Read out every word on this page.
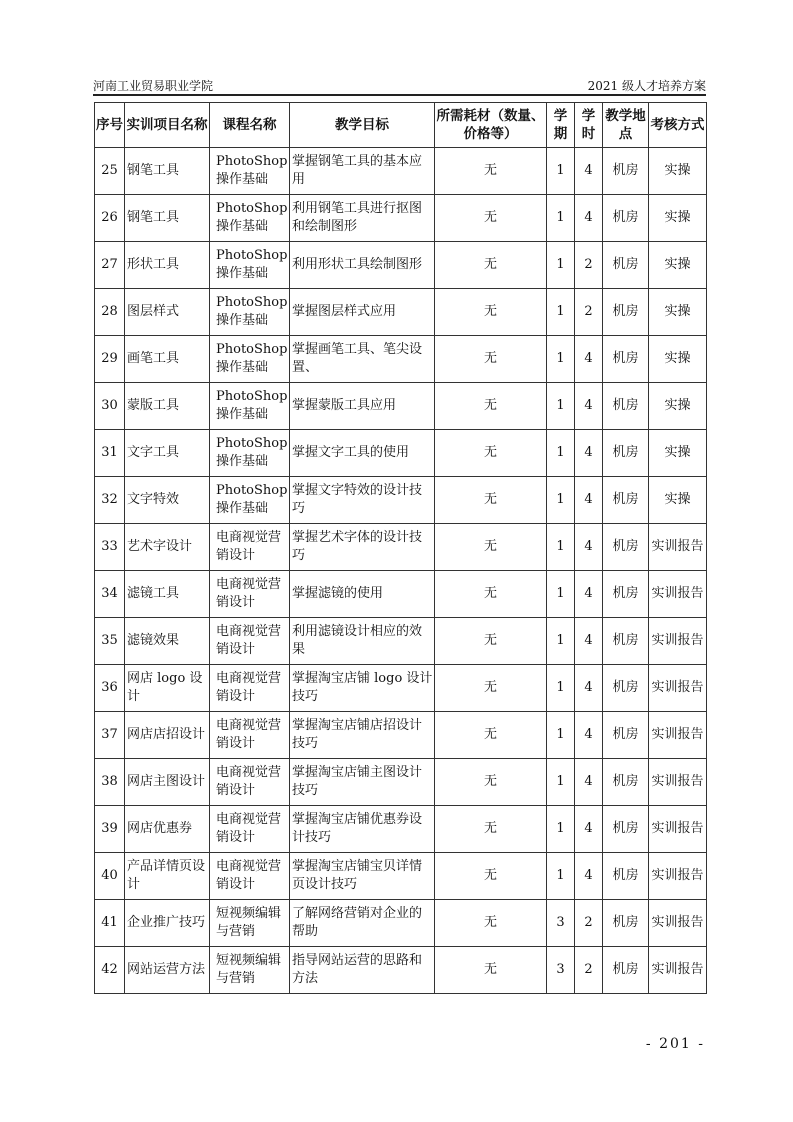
河南工业贸易职业学院	2021 级人才培养方案
序号	实训项目名称	课程名称	教学目标	所需耗材（数量、价格等）	学期	学时	教学地点	考核方式
25	钢笔工具	PhotoShop操作基础	掌握钢笔工具的基本应用	无	1	4	机房	实操
26	钢笔工具	PhotoShop操作基础	利用钢笔工具进行抠图和绘制图形	无	1	4	机房	实操
27	形状工具	PhotoShop操作基础	利用形状工具绘制图形	无	1	2	机房	实操
28	图层样式	PhotoShop操作基础	掌握图层样式应用	无	1	2	机房	实操
29	画笔工具	PhotoShop操作基础	掌握画笔工具、笔尖设置、	无	1	4	机房	实操
30	蒙版工具	PhotoShop操作基础	掌握蒙版工具应用	无	1	4	机房	实操
31	文字工具	PhotoShop操作基础	掌握文字工具的使用	无	1	4	机房	实操
32	文字特效	PhotoShop操作基础	掌握文字特效的设计技巧	无	1	4	机房	实操
33	艺术字设计	电商视觉营销设计	掌握艺术字体的设计技巧	无	1	4	机房	实训报告
34	滤镜工具	电商视觉营销设计	掌握滤镜的使用	无	1	4	机房	实训报告
35	滤镜效果	电商视觉营销设计	利用滤镜设计相应的效果	无	1	4	机房	实训报告
36	网店 logo 设计	电商视觉营销设计	掌握淘宝店铺 logo 设计技巧	无	1	4	机房	实训报告
37	网店店招设计	电商视觉营销设计	掌握淘宝店铺店招设计技巧	无	1	4	机房	实训报告
38	网店主图设计	电商视觉营销设计	掌握淘宝店铺主图设计技巧	无	1	4	机房	实训报告
39	网店优惠券	电商视觉营销设计	掌握淘宝店铺优惠券设计技巧	无	1	4	机房	实训报告
40	产品详情页设计	电商视觉营销设计	掌握淘宝店铺宝贝详情页设计技巧	无	1	4	机房	实训报告
41	企业推广技巧	短视频编辑与营销	了解网络营销对企业的帮助	无	3	2	机房	实训报告
42	网站运营方法	短视频编辑与营销	指导网站运营的思路和方法	无	3	2	机房	实训报告
- 201 -
